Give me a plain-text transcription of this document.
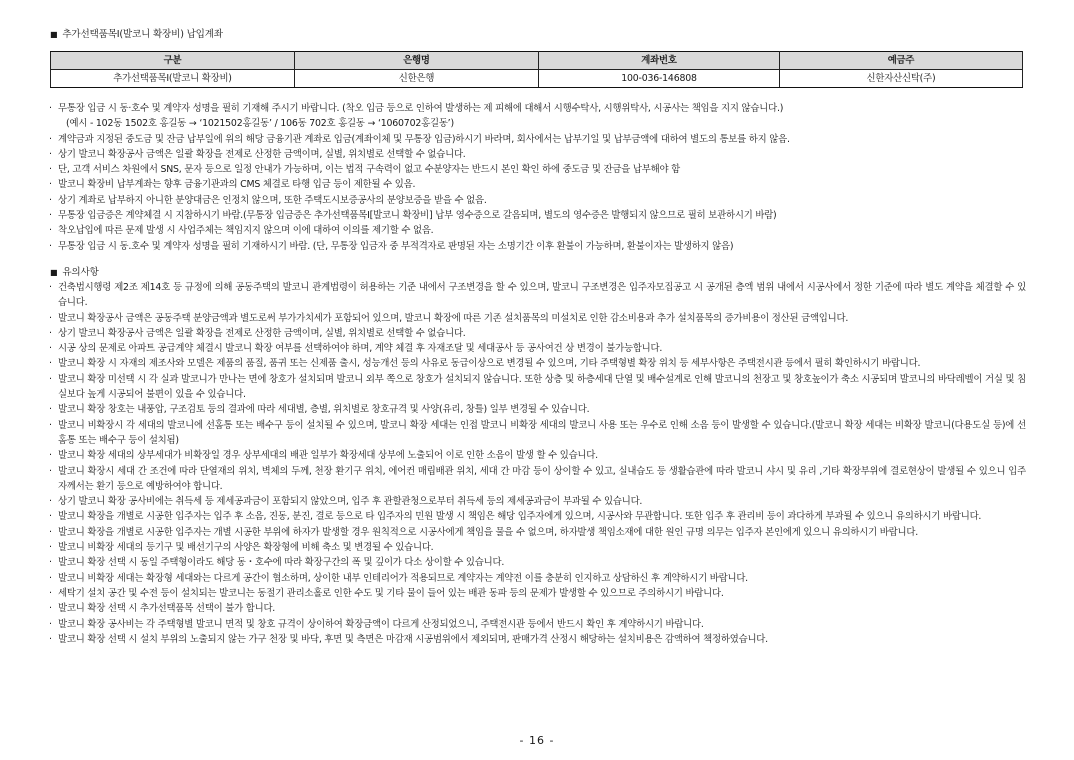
■ 추가선택품목Ⅰ(발코니 확장비) 납입계좌
구분	은행명	계좌번호	예금주
추가선택품목Ⅰ(발코니 확장비)	신한은행	100-036-146808	신한자산신탁(주)
· 무통장 입금 시 동·호수 및 계약자 성명을 필히 기재해 주시기 바랍니다. (착오 입금 등으로 인하여 발생하는 제 피해에 대해서 시행수탁사, 시행위탁사, 시공사는 책임을 지지 않습니다.)
(예시 - 102동 1502호 홍길동 → ‘1021502홍길동’ / 106동 702호 홍길동 → ‘1060702홍길동’)
· 계약금과 지정된 중도금 및 잔금 납부일에 위의 해당 금융기관 계좌로 입금(계좌이체 및 무통장 입금)하시기 바라며, 회사에서는 납부기일 및 납부금액에 대하여 별도의 통보를 하지 않음.
· 상기 발코니 확장공사 금액은 일괄 확장을 전제로 산정한 금액이며, 실별, 위치별로 선택할 수 없습니다.
· 단, 고객 서비스 차원에서 SNS, 문자 등으로 일정 안내가 가능하며, 이는 법적 구속력이 없고 수분양자는 반드시 본인 확인 하에 중도금 및 잔금을 납부해야 함
· 발코니 확장비 납부계좌는 향후 금융기관과의 CMS 체결로 타행 입금 등이 제한될 수 있음.
· 상기 계좌로 납부하지 아니한 분양대금은 인정치 않으며, 또한 주택도시보증공사의 분양보증을 받을 수 없음.
· 무통장 입금증은 계약체결 시 지참하시기 바람.(무통장 입금증은 추가선택품목Ⅰ[발코니 확장비] 납부 영수증으로 갈음되며, 별도의 영수증은 발행되지 않으므로 필히 보관하시기 바람)
· 착오납입에 따른 문제 발생 시 사업주체는 책임지지 않으며 이에 대하여 이의를 제기할 수 없음.
· 무통장 입금 시 동.호수 및 계약자 성명을 필히 기재하시기 바람. (단, 무통장 입금자 중 부적격자로 판명된 자는 소명기간 이후 환불이 가능하며, 환불이자는 발생하지 않음)
■ 유의사항
· 건축법시행령 제2조 제14호 등 규정에 의해 공동주택의 발코니 관계법령이 허용하는 기준 내에서 구조변경을 할 수 있으며, 발코니 구조변경은 입주자모집공고 시 공개된 층엑 범위 내에서 시공사에서 정한 기준에 따라 별도 계약을 체결할 수 있습니다.
· 발코니 확장공사 금액은 공동주택 분양금액과 별도로써 부가가치세가 포함되어 있으며, 발코니 확장에 따른 기존 설치품목의 미설치로 인한 감소비용과 추가 설치품목의 증가비용이 정산된 금액입니다.
· 상기 발코니 확장공사 금액은 일괄 확장을 전제로 산정한 금액이며, 실별, 위치별로 선택할 수 없습니다.
· 시공 상의 문제로 아파트 공급계약 체결시 발코니 확장 여부를 선택하여야 하며, 계약 체결 후 자재조달 및 세대공사 등 공사여건 상 변경이 불가능합니다.
· 발코니 확장 시 자재의 제조사와 모델은 제품의 품질, 품귀 또는 신제품 출시, 성능개선 등의 사유로 동급이상으로 변경될 수 있으며, 기타 주택형별 확장 위치 등 세부사항은 주택전시관 등에서 필히 확인하시기 바랍니다.
· 발코니 확장 미선택 시 각 실과 발코니가 만나는 면에 창호가 설치되며 발코니 외부 쪽으로 창호가 설치되지 않습니다. 또한 상층 및 하층세대 단열 및 배수설계로 인해 발코니의 천장고 및 창호높이가 축소 시공되며 발코니의 바닥레벨이 거실 및 침실보다 높게 시공되어 불편이 있을 수 있습니다.
· 발코니 확장 창호는 내풍압, 구조검토 등의 결과에 따라 세대별, 층별, 위치별로 창호규격 및 사양(유리, 창틀) 일부 변경될 수 있습니다.
· 발코니 비확장시 각 세대의 발코니에 선홈통 또는 배수구 등이 설치될 수 있으며, 발코니 확장 세대는 인접 발코니 비확장 세대의 발코니 사용 또는 우수로 인해 소음 등이 발생할 수 있습니다.(발코니 확장 세대는 비확장 발코니(다용도실 등)에 선홈통 또는 배수구 등이 설치됨)
· 발코니 확장 세대의 상부세대가 비확장일 경우 상부세대의 배관 일부가 확장세대 상부에 노출되어 이로 인한 소음이 발생 할 수 있습니다.
· 발코니 확장시 세대 간 조건에 따라 단열재의 위치, 벽체의 두께, 천장 환기구 위치, 에어컨 매립배관 위치, 세대 간 마감 등이 상이할 수 있고, 실내습도 등 생활습관에 따라 발코니 샤시 및 유리 ,기타 확장부위에 결로현상이 발생될 수 있으니 입주자께서는 환기 등으로 예방하여야 합니다.
· 상기 발코니 확장 공사비에는 취득세 등 제세공과금이 포함되지 않았으며, 입주 후 관할관청으로부터 취득세 등의 제세공과금이 부과될 수 있습니다.
· 발코니 확장을 개별로 시공한 입주자는 입주 후 소음, 진동, 분진, 결로 등으로 타 입주자의 민원 발생 시 책임은 해당 입주자에게 있으며, 시공사와 무관합니다. 또한 입주 후 관리비 등이 과다하게 부과될 수 있으니 유의하시기 바랍니다.
· 발코니 확장을 개별로 시공한 입주자는 개별 시공한 부위에 하자가 발생할 경우 원칙적으로 시공사에게 책임을 물을 수 없으며, 하자발생 책임소재에 대한 원인 규명 의무는 입주자 본인에게 있으니 유의하시기 바랍니다.
· 발코니 비확장 세대의 등기구 및 배선기구의 사양은 확장형에 비해 축소 및 변경될 수 있습니다.
· 발코니 확장 선택 시 동일 주택형이라도 해당 동・호수에 따라 확장구간의 폭 및 깊이가 다소 상이할 수 있습니다.
· 발코니 비확장 세대는 확장형 세대와는 다르게 공간이 협소하며, 상이한 내부 인테리어가 적용되므로 계약자는 계약전 이를 충분히 인지하고 상담하신 후 계약하시기 바랍니다.
· 세탁기 설치 공간 및 수전 등이 설치되는 발코니는 동절기 관리소홀로 인한 수도 및 기타 물이 들어 있는 배관 동파 등의 문제가 발생할 수 있으므로 주의하시기 바랍니다.
· 발코니 확장 선택 시 추가선택품목 선택이 불가 합니다.
· 발코니 확장 공사비는 각 주택형별 발코니 면적 및 창호 규격이 상이하여 확장금액이 다르게 산정되었으니, 주택전시관 등에서 반드시 확인 후 계약하시기 바랍니다.
· 발코니 확장 선택 시 설치 부위의 노출되지 않는 가구 천장 및 바닥, 후면 및 측면은 마감재 시공범위에서 제외되며, 판매가격 산정시 해당하는 설치비용은 감액하여 책정하였습니다.
- 16 -
